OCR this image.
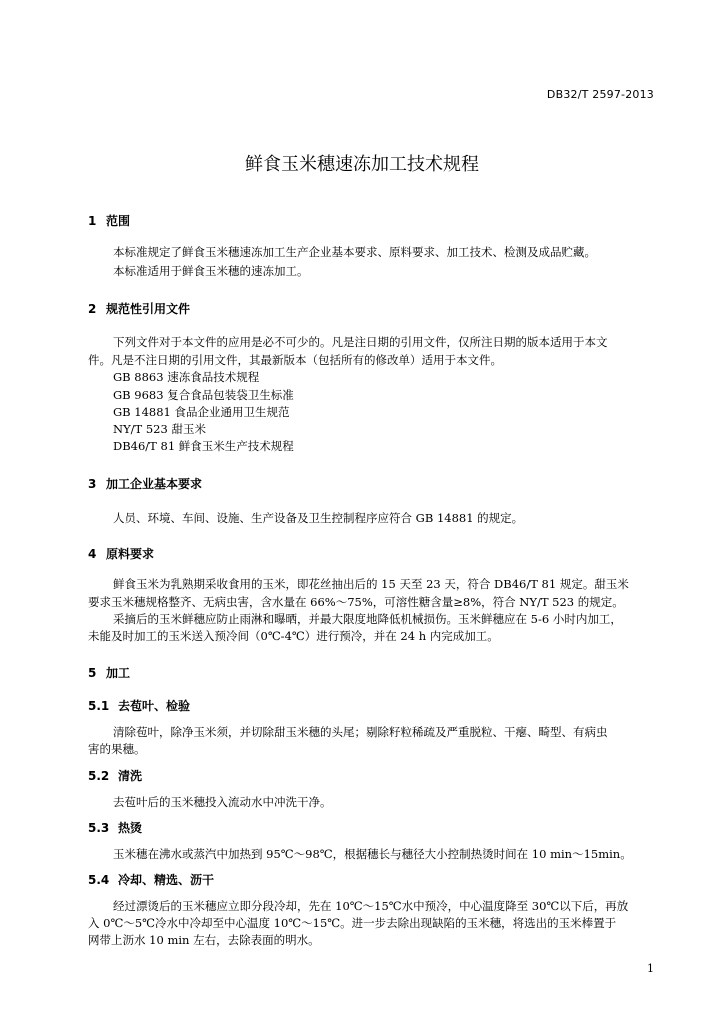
DB32/T 2597-2013
鲜食玉米穗速冻加工技术规程
1 范围
本标准规定了鲜食玉米穗速冻加工生产企业基本要求、原料要求、加工技术、检测及成品贮藏。
本标准适用于鲜食玉米穗的速冻加工。
2 规范性引用文件
下列文件对于本文件的应用是必不可少的。凡是注日期的引用文件，仅所注日期的版本适用于本文
件。凡是不注日期的引用文件，其最新版本（包括所有的修改单）适用于本文件。
GB 8863 速冻食品技术规程
GB 9683 复合食品包装袋卫生标准
GB 14881 食品企业通用卫生规范
NY/T 523 甜玉米
DB46/T 81 鲜食玉米生产技术规程
3 加工企业基本要求
人员、环境、车间、设施、生产设备及卫生控制程序应符合 GB 14881 的规定。
4 原料要求
鲜食玉米为乳熟期采收食用的玉米，即花丝抽出后的 15 天至 23 天，符合 DB46/T 81 规定。甜玉米
要求玉米穗规格整齐、无病虫害，含水量在 66%～75%，可溶性糖含量≥8%，符合 NY/T 523 的规定。
采摘后的玉米鲜穗应防止雨淋和曝晒，并最大限度地降低机械损伤。玉米鲜穗应在 5-6 小时内加工，
未能及时加工的玉米送入预冷间（0℃-4℃）进行预冷，并在 24 h 内完成加工。
5 加工
5.1 去苞叶、检验
清除苞叶，除净玉米须，并切除甜玉米穗的头尾；剔除籽粒稀疏及严重脱粒、干瘪、畸型、有病虫
害的果穗。
5.2 清洗
去苞叶后的玉米穗投入流动水中冲洗干净。
5.3 热烫
玉米穗在沸水或蒸汽中加热到 95℃～98℃，根据穗长与穗径大小控制热烫时间在 10 min～15min。
5.4 冷却、精选、沥干
经过漂烫后的玉米穗应立即分段冷却，先在 10℃～15℃水中预冷，中心温度降至 30℃以下后，再放
入 0℃～5℃冷水中冷却至中心温度 10℃～15℃。进一步去除出现缺陷的玉米穗，将选出的玉米棒置于
网带上沥水 10 min 左右，去除表面的明水。
1
